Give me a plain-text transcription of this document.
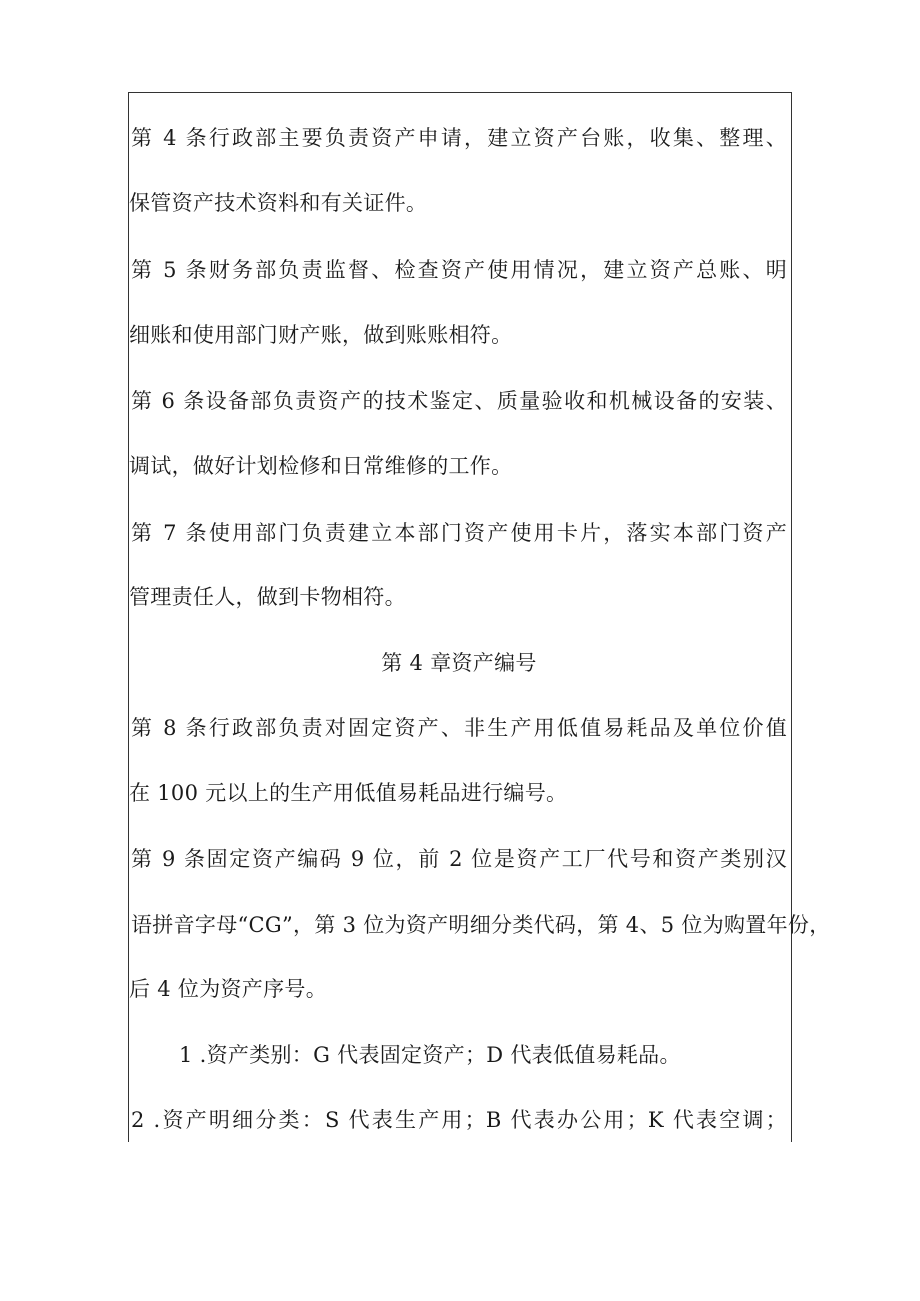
第 4 条行政部主要负责资产申请，建立资产台账，收集、整理、
保管资产技术资料和有关证件。
第 5 条财务部负责监督、检查资产使用情况，建立资产总账、明
细账和使用部门财产账，做到账账相符。
第 6 条设备部负责资产的技术鉴定、质量验收和机械设备的安装、
调试，做好计划检修和日常维修的工作。
第 7 条使用部门负责建立本部门资产使用卡片，落实本部门资产
管理责任人，做到卡物相符。
第 4 章资产编号
第 8 条行政部负责对固定资产、非生产用低值易耗品及单位价值
在 100 元以上的生产用低值易耗品进行编号。
第 9 条固定资产编码 9 位，前 2 位是资产工厂代号和资产类别汉
语拼音字母“CG”，第 3 位为资产明细分类代码，第 4、5 位为购置年份，
后 4 位为资产序号。
1 .资产类别：G 代表固定资产；D 代表低值易耗品。
2 .资产明细分类：S 代表生产用；B 代表办公用；K 代表空调；
